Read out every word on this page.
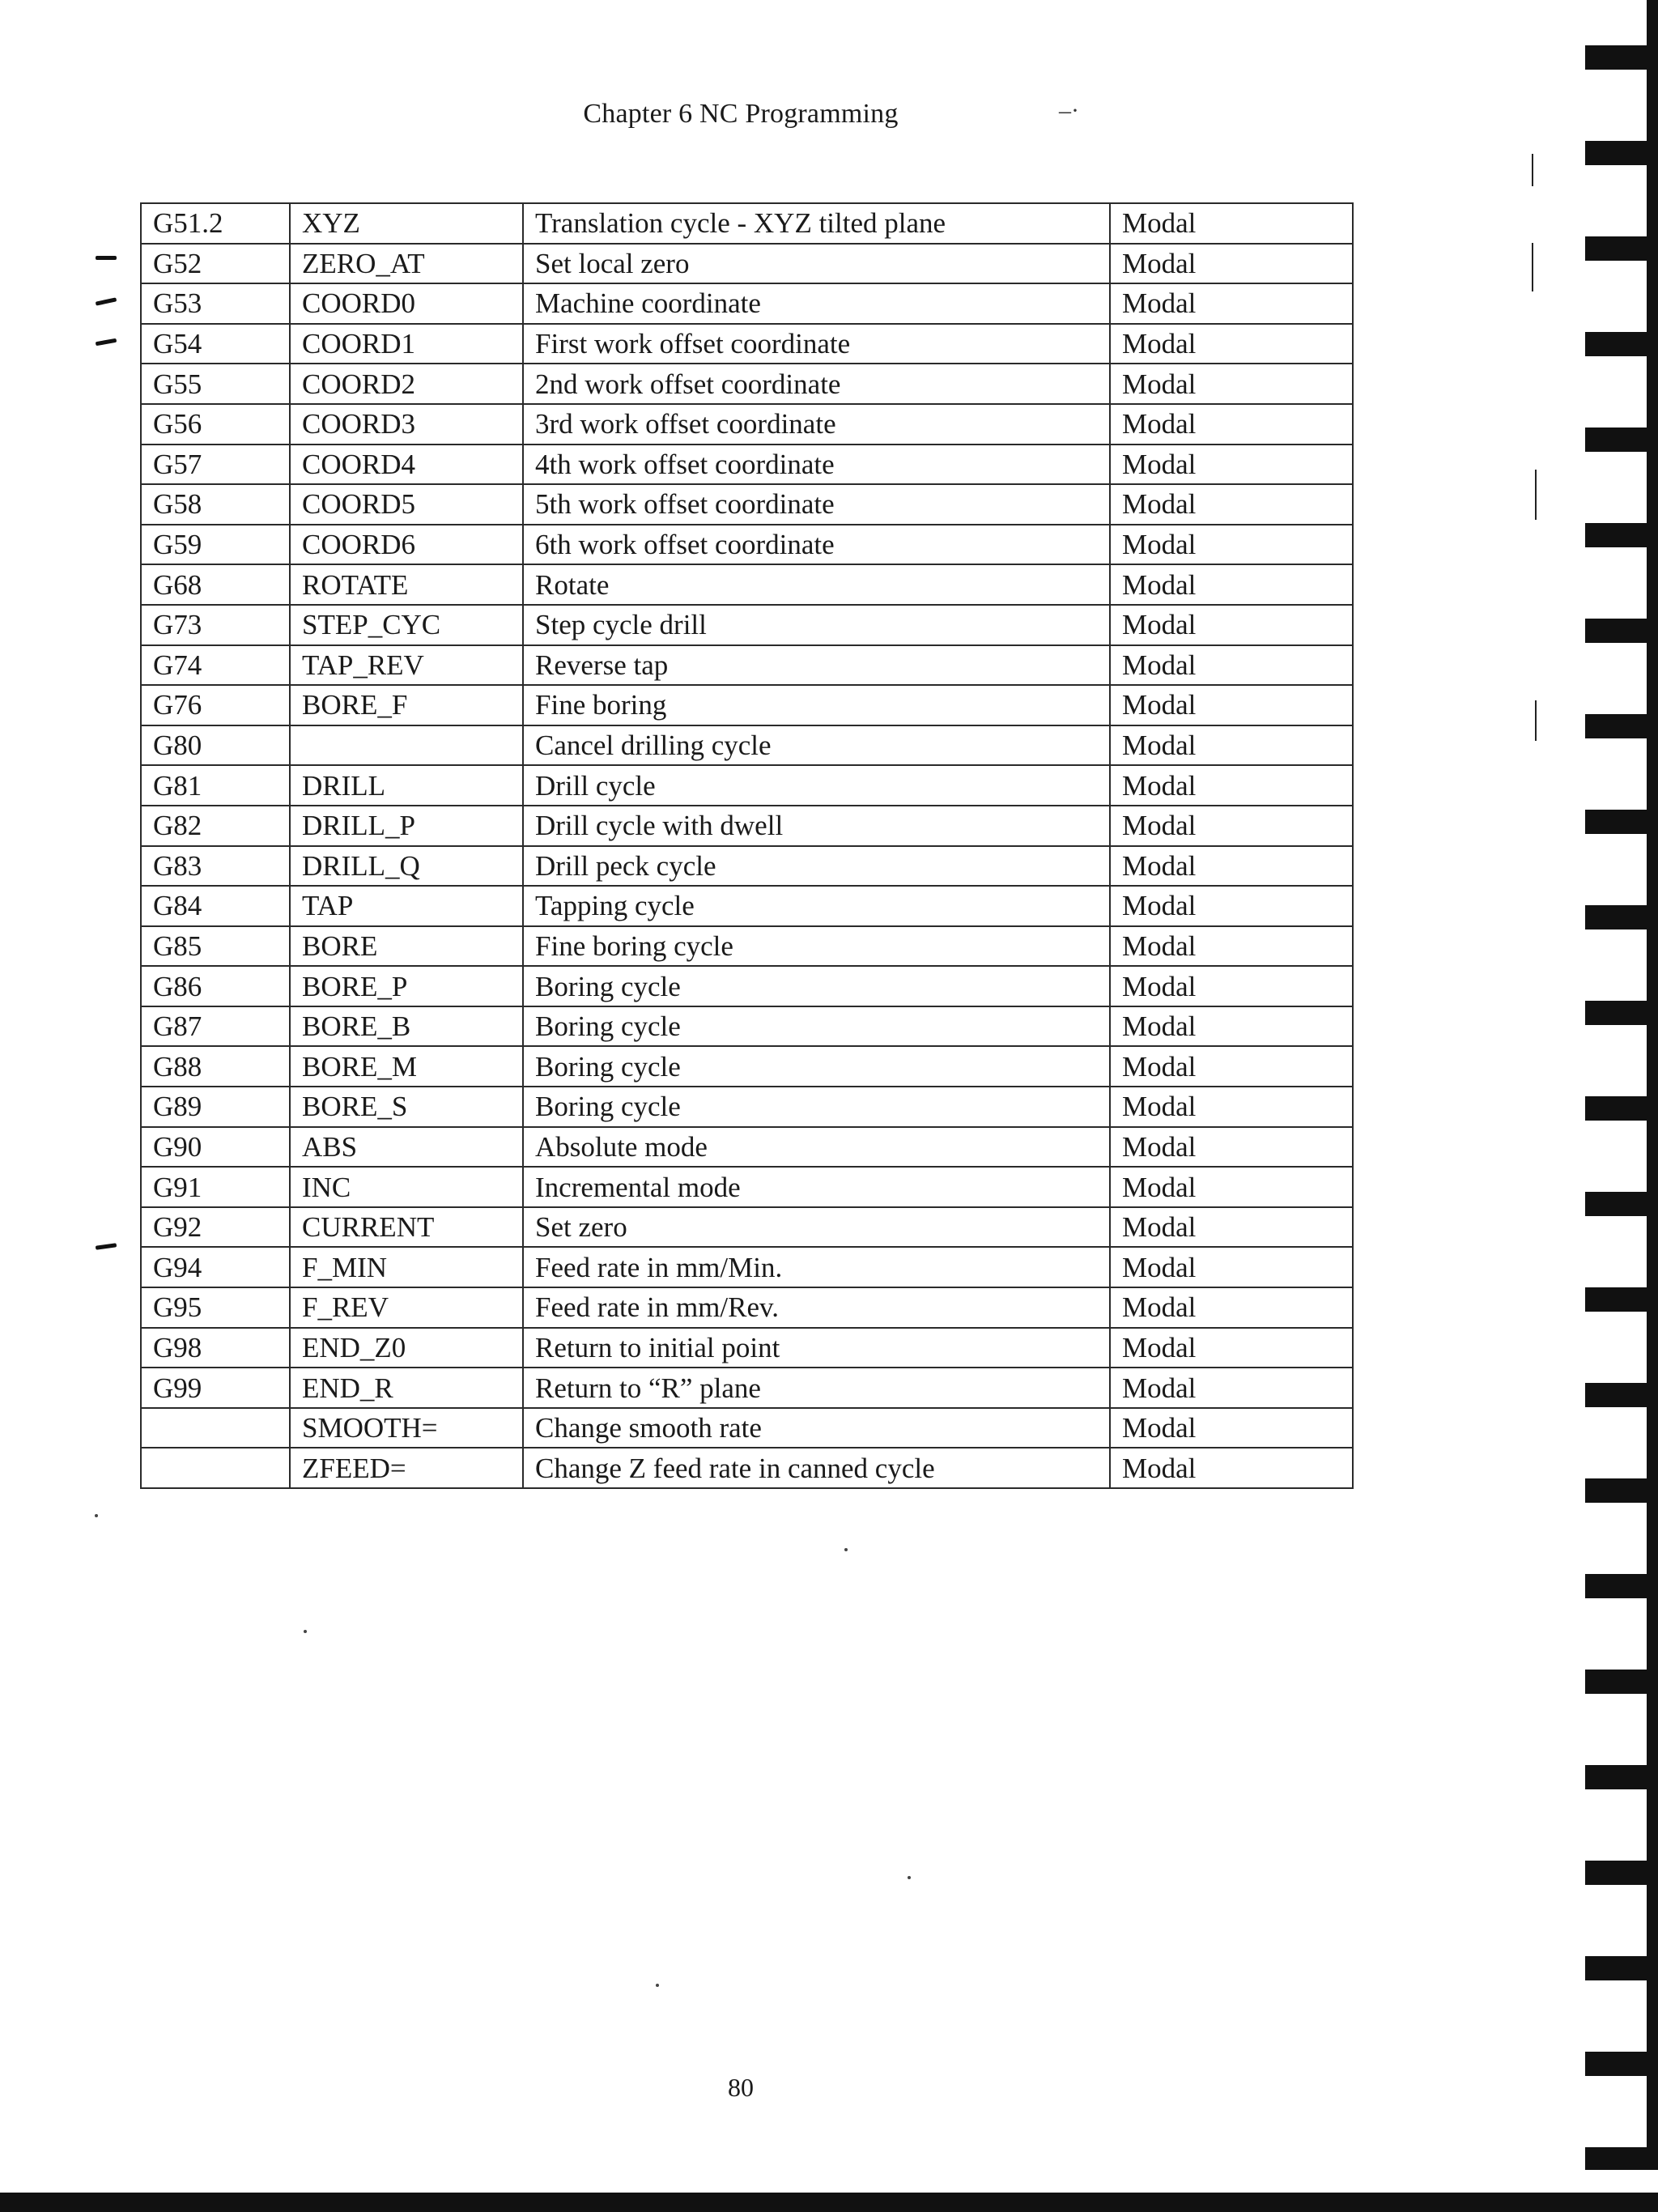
Chapter 6 NC Programming	–·
G51.2	XYZ	Translation cycle - XYZ tilted plane	Modal
G52	ZERO_AT	Set local zero	Modal
G53	COORD0	Machine coordinate	Modal
G54	COORD1	First work offset coordinate	Modal
G55	COORD2	2nd work offset coordinate	Modal
G56	COORD3	3rd work offset coordinate	Modal
G57	COORD4	4th work offset coordinate	Modal
G58	COORD5	5th work offset coordinate	Modal
G59	COORD6	6th work offset coordinate	Modal
G68	ROTATE	Rotate	Modal
G73	STEP_CYC	Step cycle drill	Modal
G74	TAP_REV	Reverse tap	Modal
G76	BORE_F	Fine boring	Modal
G80		Cancel drilling cycle	Modal
G81	DRILL	Drill cycle	Modal
G82	DRILL_P	Drill cycle with dwell	Modal
G83	DRILL_Q	Drill peck cycle	Modal
G84	TAP	Tapping cycle	Modal
G85	BORE	Fine boring cycle	Modal
G86	BORE_P	Boring cycle	Modal
G87	BORE_B	Boring cycle	Modal
G88	BORE_M	Boring cycle	Modal
G89	BORE_S	Boring cycle	Modal
G90	ABS	Absolute mode	Modal
G91	INC	Incremental mode	Modal
G92	CURRENT	Set zero	Modal
G94	F_MIN	Feed rate in mm/Min.	Modal
G95	F_REV	Feed rate in mm/Rev.	Modal
G98	END_Z0	Return to initial point	Modal
G99	END_R	Return to “R” plane	Modal
	SMOOTH=	Change smooth rate	Modal
	ZFEED=	Change Z feed rate in canned cycle	Modal
80
